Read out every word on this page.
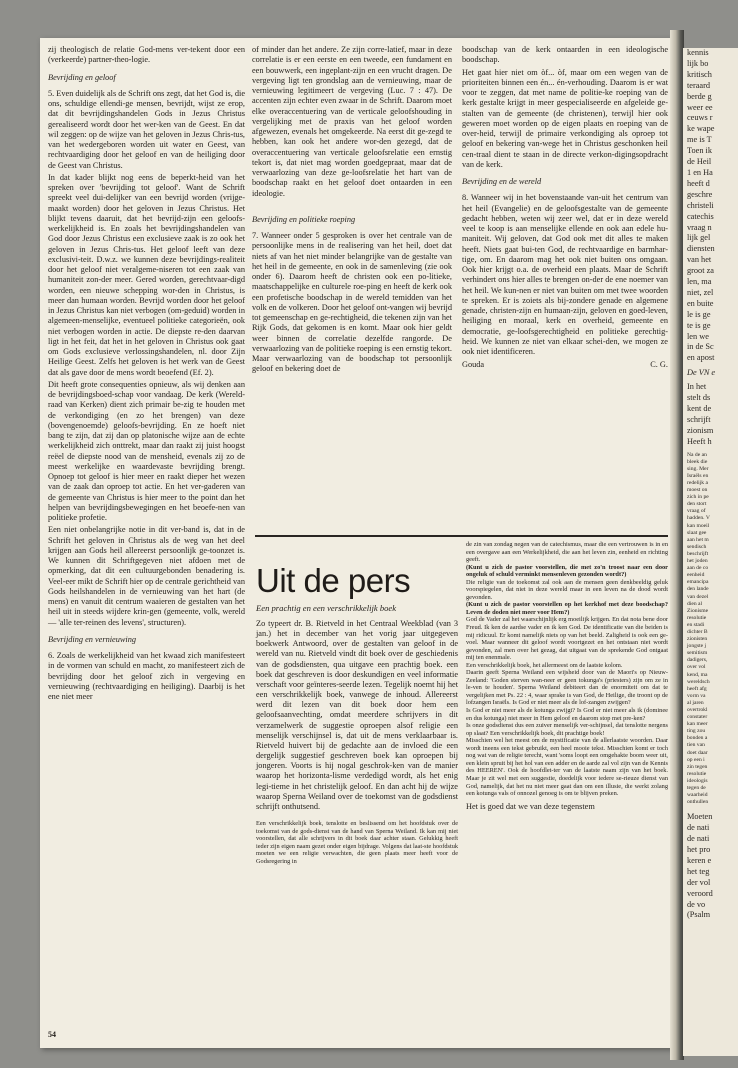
zij theologisch de relatie God-mens ver-tekent door een (verkeerde) partner-theo-logie.

Bevrijding en geloof

5. Even duidelijk als de Schrift ons zegt, dat het God is, die ons, schuldige ellendi-ge mensen, bevrijdt, wijst ze erop, dat dit bevrijdingshandelen Gods in Jezus Christus gerealiseerd wordt door het wer-ken van de Geest. En dat wil zeggen: op de wijze van het geloven in Jezus Chris-tus, van het wedergeboren worden uit water en Geest, van rechtvaardiging door het geloof en van de heiliging door de Geest van Christus.

In dat kader blijkt nog eens de beperkt-heid van het spreken over 'bevrijding tot geloof'. Want de Schrift spreekt veel dui-delijker van een bevrijd worden (vrijge-maakt worden) door het geloven in Jezus Christus. Het blijkt tevens daaruit, dat het bevrijd-zijn een geloofs-werkelijkheid is. En zoals het bevrijdingshandelen van God door Jezus Christus een exclusieve zaak is zo ook het geloven in Jezus Chris-tus. Het geloof leeft van deze exclusivi-teit. D.w.z. we kunnen deze bevrijdings-realiteit door het geloof niet veralgeme-niseren tot een zaak van humaniteit zon-der meer. Gered worden, gerechtvaar-digd worden, een nieuwe schepping wor-den in Christus, is meer dan humaan worden. Bevrijd worden door het geloof in Jezus Christus kan niet verbogen (om-geduid) worden in algemeen-menselijke, eventueel politieke categorieën, ook niet verbogen worden in actie. De diepste re-den daarvan ligt in het feit, dat het in het geloven in Christus ook gaat om Gods exclusieve verlossingshandelen, nl. door Zijn Heilige Geest. Zelfs het geloven is het werk van de Geest dat als gave door de mens wordt beoefend (Ef. 2).

Dit heeft grote consequenties opnieuw, als wij denken aan de bevrijdingsboed-schap voor vandaag. De kerk (Wereld-raad van Kerken) dient zich primair be-zig te houden met de verkondiging (en zo het brengen) van deze (bovengenoemde) geloofs-bevrijding. En ze hoeft niet bang te zijn, dat zij dan op platonische wijze aan de echte werkelijkheid zich onttrekt, maar dan raakt zij juist hoogst reëel de diepste nood van de mensheid, evenals zij zo de meest werkelijke en waardevaste bevrijding brengt. Opnoep tot geloof is hier meer en raakt dieper het wezen van de zaak dan oproep tot actie. En het ver-gaderen van de gemeente van Christus is hier meer to the point dan het helpen van bevrijdingsbewegingen en het beoefe-nen van politieke profetie.

Een niet onbelangrijke notie in dit ver-band is, dat in de Schrift het geloven in Christus als de weg van het deel krijgen aan Gods heil allereerst persoonlijk ge-toonzet is. We kunnen dit Schriftgegeven niet afdoen met de opmerking, dat dit een cultuurgebonden benadering is. Veel-eer mikt de Schrift hier op de centrale gerichtheid van Gods heilshandelen in de vernieuwing van het hart (de mens) en vanuit dit centrum waaieren de gestalten van het heil uit in steeds wijdere krin-gen (gemeente, volk, wereld — 'alle ter-reinen des levens', structuren).

Bevrijding en vernieuwing

6. Zoals de werkelijkheid van het kwaad zich manifesteert in de vormen van schuld en macht, zo manifesteert zich de bevrijding door het geloof zich in vergeving en vernieuwing (rechtvaardiging en heiliging). Daarbij is het ene niet meer

of minder dan het andere. Ze zijn corre-latief, maar in deze correlatie is er een eerste en een tweede, een fundament en een bouwwerk, een ingeplant-zijn en een vrucht dragen. De vergeving ligt ten grondslag aan de vernieuwing, maar de vernieuwing legitimeert de vergeving (Luc. 7 : 47). De accenten zijn echter even zwaar in de Schrift. Daarom moet elke overaccentuering van de verticale geloofshouding in vergelijking met de praxis van het geloof worden afgewezen, evenals het omgekeerde. Na eerst dit ge-zegd te hebben, kan ook het andere wor-den gezegd, dat de overaccentuering van verticale geloofsrelatie een ernstig tekort is, dat niet mag worden goedgepraat, maar dat de verwaarlozing van deze ge-loofsrelatie het hart van de boodschap raakt en het geloof doet ontaarden in een ideologie.

Bevrijding en politieke roeping

7. Wanneer onder 5 gesproken is over het centrale van de persoonlijke mens in de realisering van het heil, doet dat niets af van het niet minder belangrijke van de gestalte van het heil in de gemeente, en ook in de samenleving (zie ook onder 6). Daarom heeft de christen ook een po-litieke, maatschappelijke en culturele roe-ping en heeft de kerk ook een profetische boodschap in de wereld temidden van het volk en de volkeren. Door het geloof ont-vangen wij bevrijd tot gemeenschap en ge-rechtigheid, die tekenen zijn van het Rijk Gods, dat gekomen is en komt. Maar ook hier geldt weer binnen de correlatie dezelfde rangorde. De verwaarlozing van de politieke roeping is een ernstig tekort. Maar verwaarlozing van de boodschap tot persoonlijk geloof en bekering doet de

boodschap van de kerk ontaarden in een ideologische boodschap.

Het gaat hier niet om òf... òf, maar om een wegen van de prioriteiten binnen een én... én-verhouding. Daarom is er wat voor te zeggen, dat met name de politie-ke roeping van de kerk gestalte krijgt in meer gespecialiseerde en afgeleide ge-stalten van de gemeente (de christenen), terwijl hier ook geweren moet worden op de eigen plaats en roeping van de over-heid, terwijl de primaire verkondiging als oproep tot geloof en bekering van-wege het in Christus geschonken heil cen-traal dient te staan in de directe verkon-digingsopdracht van de kerk.

Bevrijding en de wereld

8. Wanneer wij in het bovenstaande van-uit het centrum van het heil (Evangelie) en de geloofsgestalte van de gemeente gedacht hebben, weten wij zeer wel, dat er in deze wereld veel te koop is aan menselijke ellende en ook aan edele hu-maniteit. Wij geloven, dat God ook met dit alles te maken heeft. Niets gaat bui-ten God, de rechtvaardige en barmhar-tige, om. En daarom mag het ook niet buiten ons omgaan. Ook hier krijgt o.a. de overheid een plaats. Maar de Schrift verhindert ons hier alles te brengen on-der de ene noemer van het heil. We kun-nen er niet van buiten om met twee woorden te spreken. Er is zoiets als bij-zondere genade en algemene genade, christen-zijn en humaan-zijn, geloven en goed-leven, heiliging en moraal, kerk en overheid, gemeente en democratie, ge-loofsgerechtigheid en politieke gerechtig-heid. We kunnen ze niet van elkaar schei-den, we mogen ze ook niet identificeren.

Gouda	C. G.
Uit de pers
Een prachtig en een verschrikkelijk boek
Zo typeert dr. B. Rietveld in het Centraal Weekblad (van 3 jan.) het in december van het vorig jaar uitgegeven boekwerk Antwoord, over de gestalten van geloof in de wereld van nu. Rietveld vindt dit boek over de geschiedenis van de godsdiensten, qua uitgave een prachtig boek. een boek dat geschreven is door deskundigen en veel informatie verschaft voor geïnteres-seerde lezen. Tegelijk noemt hij het een verschrikkelijk boek, vanwege de inhoud. Allereerst werd dit lezen van dit boek door hem een geloofsaanvechting, omdat meerdere schrijvers in dit verzamelwerk de suggestie oproepen alsof religie een menselijk verschijnsel is, dat uit de mens verklaarbaar is. Rietveld huivert bij de gedachte aan de invloed die een dergelijk suggestief geschreven boek kan oproepen bij jongeren. Voorts is hij nogal geschrok-ken van de manier waarop het horizonta-lisme verdedigd wordt, als het enig legi-tieme in het christelijk geloof. En dan acht hij de wijze waarop Sperna Weiland over de toekomst van de godsdienst schrijft onthutsend.
Een verschrikkelijk boek, tenslotte en beslissend om het hoofdstuk over de toekomst van de gods-dienst van de hand van Sperna Weiland. Ik kan mij niet voorstellen, dat alle schrijvers in dit boek daar achter staan. Gelukkig heeft ieder zijn eigen naam gezet onder eigen bijdrage. Volgens dat laat-ste hoofdstuk moeten we een religie verwachten, die geen plaats meer heeft voor de Godsregering in

de zin van zondag negen van de catechismus, maar die een vertrouwen is in en een overgave aan een Werkelijkheid, die aan het leven zin, eenheid en richting geeft.

(Kunt u zich de pastor voorstellen, die met zo'n troost naar een door ongeluk of schuld verminkt mensenleven gezonden wordt?)

Die religie van de toekomst zal ook aan de mensen geen denkbeeldig geluk voorspiegelen, dat niet in deze wereld maar in een leven na de dood wordt gevonden.

(Kunt u zich de pastor voorstellen op het kerkhof met deze boodschap? Leven de doden niet meer voor Hem?)

God de Vader zal het waarschijnlijk erg moeilijk krijgen. En dat nota bene door Freud. Ik ken de aardse vader en ik ken God. De identificatie van die beiden is mij ridicuul. Er komt namelijk niets op van het beeld. Zaligheid is ook een ge-voel. Maar wanneer dit geloof wordt voortgezet en het ontstaan niet wordt gevonden, zal men over het gezag, dat uitgaat van de sprekende God ontgaat mij ten enenmale.

Een verschrikkelijk boek, het allermeest om de laatste kolom.

Daarin geeft Sperna Weiland een wijsheid door van de Maori's op Nieuw-Zeeland: 'Goden sterven wan-neer er geen tokunga's (priesters) zijn om ze in le-ven te houden'. Sperna Weiland debiteert dan de enormiteit om dat te vergelijken met Ps. 22 : 4, waar sprake is van God, de Heilige, die troont op de lofzangen Israëls. Is God er niet meer als de lof-zangen zwijgen?

Is God er niet meer als de kotunga zwijgt? Is God er niet meer als ik (dominee en dus kotunga) niet meer in Hem geloof en daarom stop met pre-ken?

Is onze godsdienst dus een zuiver menselijk ver-schijnsel, dat tenslotte nergens op slaat? Een verschrikkelijk boek, dit prachtige boek!

Misschien wel het meest om de mystificatie van de allerlaatste woorden. Daar wordt ineens een tekst gebruikt, een heel mooie tekst. Misschien komt er toch nog wat van de religie terecht, want 'soms loopt een omgehakte boom weer uit, een klein spruit bij het hol van een adder en de aarde zal vol zijn van de Kennis des HEEREN'. Ook de hoofdlet-ter van de laatste naam zijn van het boek. Maar je zit wel met een suggestie, doedelijk voor iedere se-rieuze dienst van God, namelijk, dat het nu niet meer gaat dan om een illusie, die werkt zolang een kotunga vals of onnozel genoeg is om te blijven preken.

Het is goed dat we van deze tegenstem

54
kennis
lijk bo
kritisch
teraard
berde g
weer ee
ceuws r
ke wape
me is T
Toen ik
de Heil
1 en Ha
heeft d
geschre
christeli
catechis
vraag n
lijk gel
diensten
van het
groot za
len, ma
niet, zel
en buite
le is ge
te is ge
len we
in de Sc
en apost
De VN e
In het
stelt ds
kent de
schrijft
zionism
Heeft h
Na de an
bleek die
sing. Mer
Israëls en
redelijk a
moest on
zich in pe
den stort
vraag of
hadden. V
kan moeil
slaat gee
aan het m
sendisch
beschrijft
het joden
aan de co
eenheid
emancipa
den lande
van dezel
dien al
Zionisme
resolutie
en stadi
dichter B
zionisten
jongste j
semitism
dadigers,
over vol
kend, ma
wereldsch
heeft afg
vorm va
al jaren
overtrokl
constater
kan meer
ting zou
bonden a
tien van
doet daar
op een i
zin tegen
resolutie
ideologis
tegen de
waarheid
onthullen
Moeten
de nati
de nati
het pro
keren e
het teg
der vol
veroord
de vo
(Psalm
